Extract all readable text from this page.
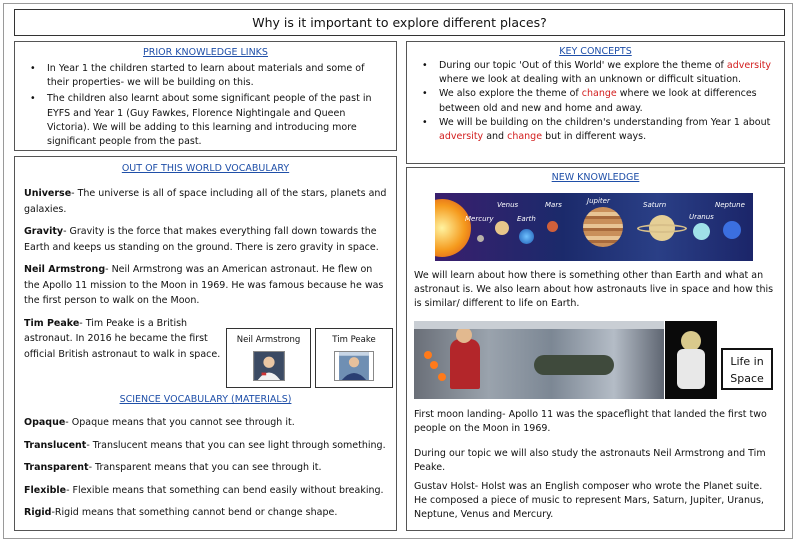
Why is it important to explore different places?
PRIOR KNOWLEDGE LINKS
• In Year 1 the children started to learn about materials and some of their properties- we will be building on this.
• The children also learnt about some significant people of the past in EYFS and Year 1 (Guy Fawkes, Florence Nightingale and Queen Victoria). We will be adding to this learning and introducing more significant people from the past.
KEY CONCEPTS
• During our topic 'Out of this World' we explore the theme of adversity where we look at dealing with an unknown or difficult situation.
• We also explore the theme of change where we look at differences between old and new and home and away.
• We will be building on the children's understanding from Year 1 about adversity and change but in different ways.
OUT OF THIS WORLD VOCABULARY

Universe- The universe is all of space including all of the stars, planets and galaxies.

Gravity- Gravity is the force that makes everything fall down towards the Earth and keeps us standing on the ground. There is zero gravity in space.

Neil Armstrong- Neil Armstrong was an American astronaut. He flew on the Apollo 11 mission to the Moon in 1969. He was famous because he was the first person to walk on the Moon.

Tim Peake- Tim Peake is a British astronaut. In 2016 he became the first official British astronaut to walk in space.

Neil Armstrong	Tim Peake
SCIENCE VOCABULARY (MATERIALS)

Opaque- Opaque means that you cannot see through it.

Translucent- Translucent means that you can see light through something.

Transparent- Transparent means that you can see through it.

Flexible- Flexible means that something can bend easily without breaking.

Rigid-Rigid means that something cannot bend or change shape.

NEW KNOWLEDGE
Venus	Mars	Jupiter	Saturn	Neptune
Mercury	Earth	Uranus

We will learn about how there is something other than Earth and what an astronaut is. We also learn about how astronauts live in space and how this is similar/ different to life on Earth.

Life in Space

First moon landing- Apollo 11 was the spaceflight that landed the first two people on the Moon in 1969.

During our topic we will also study the astronauts Neil Armstrong and Tim Peake.

Gustav Holst- Holst was an English composer who wrote the Planet suite. He composed a piece of music to represent Mars, Saturn, Jupiter, Uranus, Neptune, Venus and Mercury.
